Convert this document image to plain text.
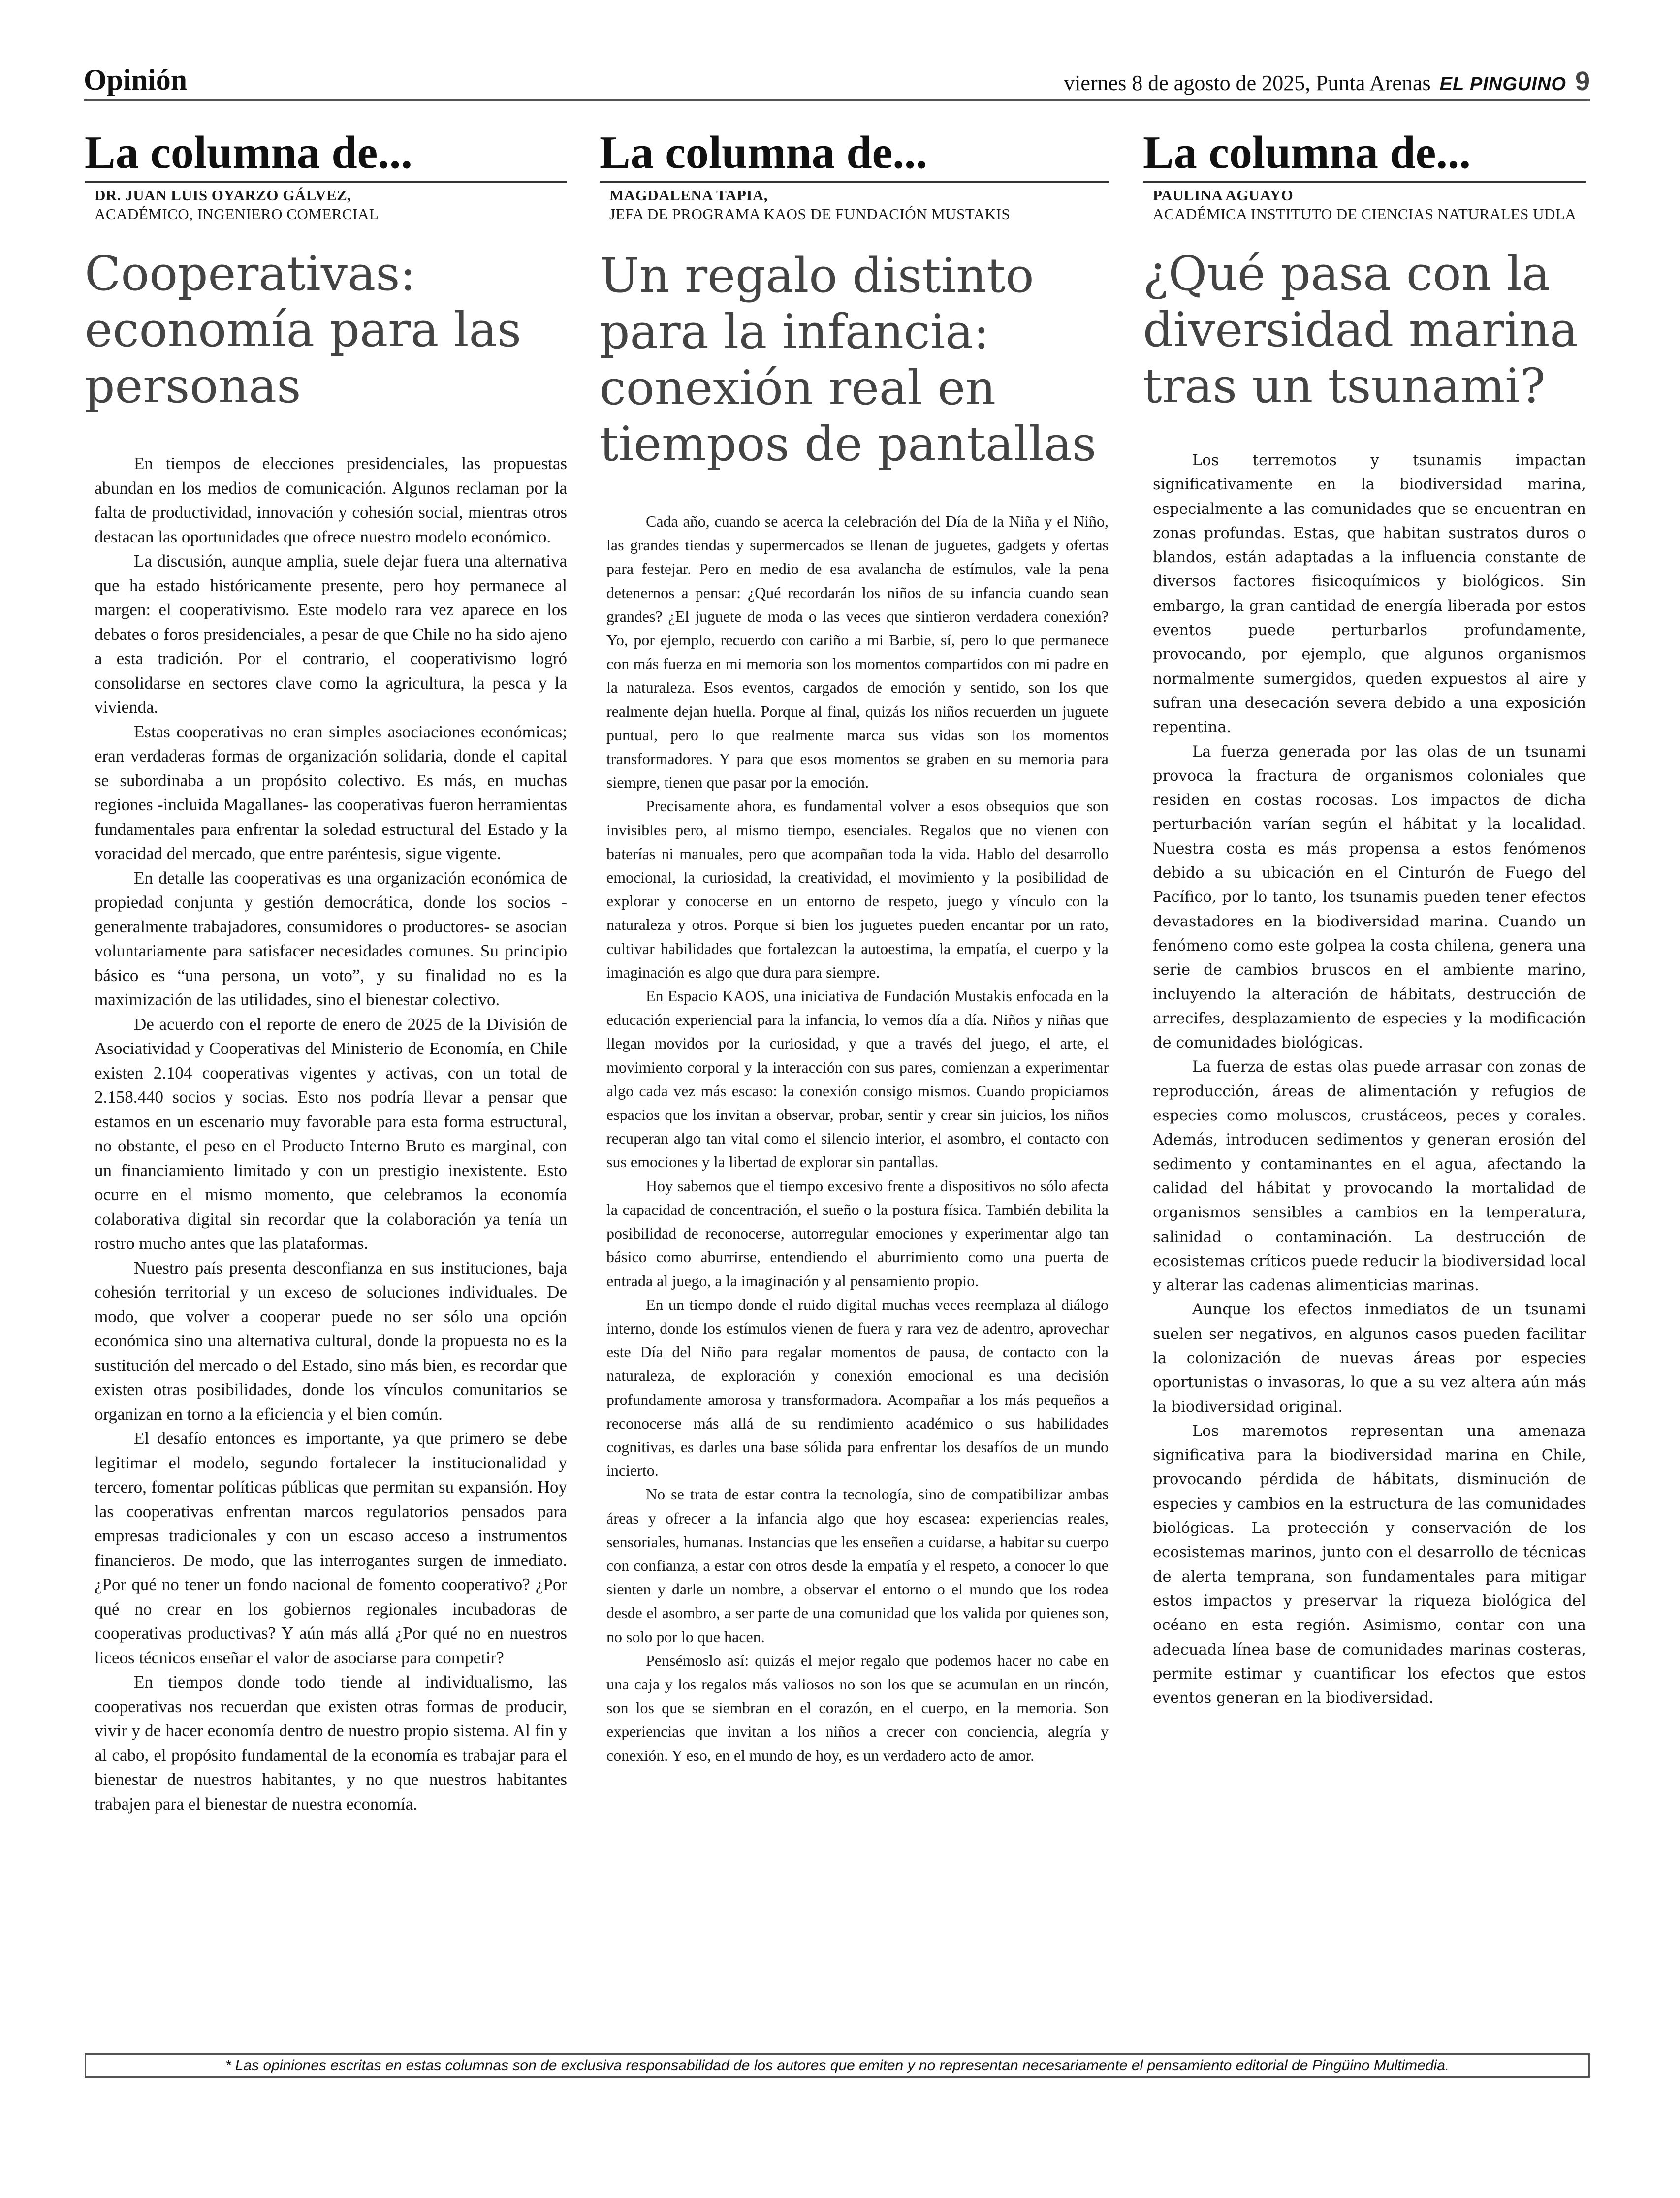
Opinión	viernes 8 de agosto de 2025, Punta Arenas EL PINGUINO 9
La columna de...
DR. JUAN LUIS OYARZO GÁLVEZ,
ACADÉMICO, INGENIERO COMERCIAL
Cooperativas: economía para las personas

En tiempos de elecciones presidenciales, las propuestas abundan en los medios de comunicación. Algunos reclaman por la falta de productividad, innovación y cohesión social, mientras otros destacan las oportunidades que ofrece nuestro modelo económico.

La discusión, aunque amplia, suele dejar fuera una alternativa que ha estado históricamente presente, pero hoy permanece al margen: el cooperativismo. Este modelo rara vez aparece en los debates o foros presidenciales, a pesar de que Chile no ha sido ajeno a esta tradición. Por el contrario, el cooperativismo logró consolidarse en sectores clave como la agricultura, la pesca y la vivienda.

Estas cooperativas no eran simples asociaciones económicas; eran verdaderas formas de organización solidaria, donde el capital se subordinaba a un propósito colectivo. Es más, en muchas regiones -incluida Magallanes- las cooperativas fueron herramientas fundamentales para enfrentar la soledad estructural del Estado y la voracidad del mercado, que entre paréntesis, sigue vigente.

En detalle las cooperativas es una organización económica de propiedad conjunta y gestión democrática, donde los socios -generalmente trabajadores, consumidores o productores- se asocian voluntariamente para satisfacer necesidades comunes. Su principio básico es “una persona, un voto”, y su finalidad no es la maximización de las utilidades, sino el bienestar colectivo.

De acuerdo con el reporte de enero de 2025 de la División de Asociatividad y Cooperativas del Ministerio de Economía, en Chile existen 2.104 cooperativas vigentes y activas, con un total de 2.158.440 socios y socias. Esto nos podría llevar a pensar que estamos en un escenario muy favorable para esta forma estructural, no obstante, el peso en el Producto Interno Bruto es marginal, con un financiamiento limitado y con un prestigio inexistente. Esto ocurre en el mismo momento, que celebramos la economía colaborativa digital sin recordar que la colaboración ya tenía un rostro mucho antes que las plataformas.

Nuestro país presenta desconfianza en sus instituciones, baja cohesión territorial y un exceso de soluciones individuales. De modo, que volver a cooperar puede no ser sólo una opción económica sino una alternativa cultural, donde la propuesta no es la sustitución del mercado o del Estado, sino más bien, es recordar que existen otras posibilidades, donde los vínculos comunitarios se organizan en torno a la eficiencia y el bien común.

El desafío entonces es importante, ya que primero se debe legitimar el modelo, segundo fortalecer la institucionalidad y tercero, fomentar políticas públicas que permitan su expansión. Hoy las cooperativas enfrentan marcos regulatorios pensados para empresas tradicionales y con un escaso acceso a instrumentos financieros. De modo, que las interrogantes surgen de inmediato. ¿Por qué no tener un fondo nacional de fomento cooperativo? ¿Por qué no crear en los gobiernos regionales incubadoras de cooperativas productivas? Y aún más allá ¿Por qué no en nuestros liceos técnicos enseñar el valor de asociarse para competir?

En tiempos donde todo tiende al individualismo, las cooperativas nos recuerdan que existen otras formas de producir, vivir y de hacer economía dentro de nuestro propio sistema. Al fin y al cabo, el propósito fundamental de la economía es trabajar para el bienestar de nuestros habitantes, y no que nuestros habitantes trabajen para el bienestar de nuestra economía.

La columna de...
MAGDALENA TAPIA,
JEFA DE PROGRAMA KAOS DE FUNDACIÓN MUSTAKIS
Un regalo distinto para la infancia: conexión real en tiempos de pantallas

Cada año, cuando se acerca la celebración del Día de la Niña y el Niño, las grandes tiendas y supermercados se llenan de juguetes, gadgets y ofertas para festejar. Pero en medio de esa avalancha de estímulos, vale la pena detenernos a pensar: ¿Qué recordarán los niños de su infancia cuando sean grandes? ¿El juguete de moda o las veces que sintieron verdadera conexión? Yo, por ejemplo, recuerdo con cariño a mi Barbie, sí, pero lo que permanece con más fuerza en mi memoria son los momentos compartidos con mi padre en la naturaleza. Esos eventos, cargados de emoción y sentido, son los que realmente dejan huella. Porque al final, quizás los niños recuerden un juguete puntual, pero lo que realmente marca sus vidas son los momentos transformadores. Y para que esos momentos se graben en su memoria para siempre, tienen que pasar por la emoción.

Precisamente ahora, es fundamental volver a esos obsequios que son invisibles pero, al mismo tiempo, esenciales. Regalos que no vienen con baterías ni manuales, pero que acompañan toda la vida. Hablo del desarrollo emocional, la curiosidad, la creatividad, el movimiento y la posibilidad de explorar y conocerse en un entorno de respeto, juego y vínculo con la naturaleza y otros. Porque si bien los juguetes pueden encantar por un rato, cultivar habilidades que fortalezcan la autoestima, la empatía, el cuerpo y la imaginación es algo que dura para siempre.

En Espacio KAOS, una iniciativa de Fundación Mustakis enfocada en la educación experiencial para la infancia, lo vemos día a día. Niños y niñas que llegan movidos por la curiosidad, y que a través del juego, el arte, el movimiento corporal y la interacción con sus pares, comienzan a experimentar algo cada vez más escaso: la conexión consigo mismos. Cuando propiciamos espacios que los invitan a observar, probar, sentir y crear sin juicios, los niños recuperan algo tan vital como el silencio interior, el asombro, el contacto con sus emociones y la libertad de explorar sin pantallas.

Hoy sabemos que el tiempo excesivo frente a dispositivos no sólo afecta la capacidad de concentración, el sueño o la postura física. También debilita la posibilidad de reconocerse, autorregular emociones y experimentar algo tan básico como aburrirse, entendiendo el aburrimiento como una puerta de entrada al juego, a la imaginación y al pensamiento propio.

En un tiempo donde el ruido digital muchas veces reemplaza al diálogo interno, donde los estímulos vienen de fuera y rara vez de adentro, aprovechar este Día del Niño para regalar momentos de pausa, de contacto con la naturaleza, de exploración y conexión emocional es una decisión profundamente amorosa y transformadora. Acompañar a los más pequeños a reconocerse más allá de su rendimiento académico o sus habilidades cognitivas, es darles una base sólida para enfrentar los desafíos de un mundo incierto.

No se trata de estar contra la tecnología, sino de compatibilizar ambas áreas y ofrecer a la infancia algo que hoy escasea: experiencias reales, sensoriales, humanas. Instancias que les enseñen a cuidarse, a habitar su cuerpo con confianza, a estar con otros desde la empatía y el respeto, a conocer lo que sienten y darle un nombre, a observar el entorno o el mundo que los rodea desde el asombro, a ser parte de una comunidad que los valida por quienes son, no solo por lo que hacen.

Pensémoslo así: quizás el mejor regalo que podemos hacer no cabe en una caja y los regalos más valiosos no son los que se acumulan en un rincón, son los que se siembran en el corazón, en el cuerpo, en la memoria. Son experiencias que invitan a los niños a crecer con conciencia, alegría y conexión. Y eso, en el mundo de hoy, es un verdadero acto de amor.

La columna de...
PAULINA AGUAYO
ACADÉMICA INSTITUTO DE CIENCIAS NATURALES UDLA
¿Qué pasa con la diversidad marina tras un tsunami?

Los terremotos y tsunamis impactan significativamente en la biodiversidad marina, especialmente a las comunidades que se encuentran en zonas profundas. Estas, que habitan sustratos duros o blandos, están adaptadas a la influencia constante de diversos factores fisicoquímicos y biológicos. Sin embargo, la gran cantidad de energía liberada por estos eventos puede perturbarlos profundamente, provocando, por ejemplo, que algunos organismos normalmente sumergidos, queden expuestos al aire y sufran una desecación severa debido a una exposición repentina.

La fuerza generada por las olas de un tsunami provoca la fractura de organismos coloniales que residen en costas rocosas. Los impactos de dicha perturbación varían según el hábitat y la localidad. Nuestra costa es más propensa a estos fenómenos debido a su ubicación en el Cinturón de Fuego del Pacífico, por lo tanto, los tsunamis pueden tener efectos devastadores en la biodiversidad marina. Cuando un fenómeno como este golpea la costa chilena, genera una serie de cambios bruscos en el ambiente marino, incluyendo la alteración de hábitats, destrucción de arrecifes, desplazamiento de especies y la modificación de comunidades biológicas.

La fuerza de estas olas puede arrasar con zonas de reproducción, áreas de alimentación y refugios de especies como moluscos, crustáceos, peces y corales. Además, introducen sedimentos y generan erosión del sedimento y contaminantes en el agua, afectando la calidad del hábitat y provocando la mortalidad de organismos sensibles a cambios en la temperatura, salinidad o contaminación. La destrucción de ecosistemas críticos puede reducir la biodiversidad local y alterar las cadenas alimenticias marinas.

Aunque los efectos inmediatos de un tsunami suelen ser negativos, en algunos casos pueden facilitar la colonización de nuevas áreas por especies oportunistas o invasoras, lo que a su vez altera aún más la biodiversidad original.

Los maremotos representan una amenaza significativa para la biodiversidad marina en Chile, provocando pérdida de hábitats, disminución de especies y cambios en la estructura de las comunidades biológicas. La protección y conservación de los ecosistemas marinos, junto con el desarrollo de técnicas de alerta temprana, son fundamentales para mitigar estos impactos y preservar la riqueza biológica del océano en esta región. Asimismo, contar con una adecuada línea base de comunidades marinas costeras, permite estimar y cuantificar los efectos que estos eventos generan en la biodiversidad.

* Las opiniones escritas en estas columnas son de exclusiva responsabilidad de los autores que emiten y no representan necesariamente el pensamiento editorial de Pingüino Multimedia.
